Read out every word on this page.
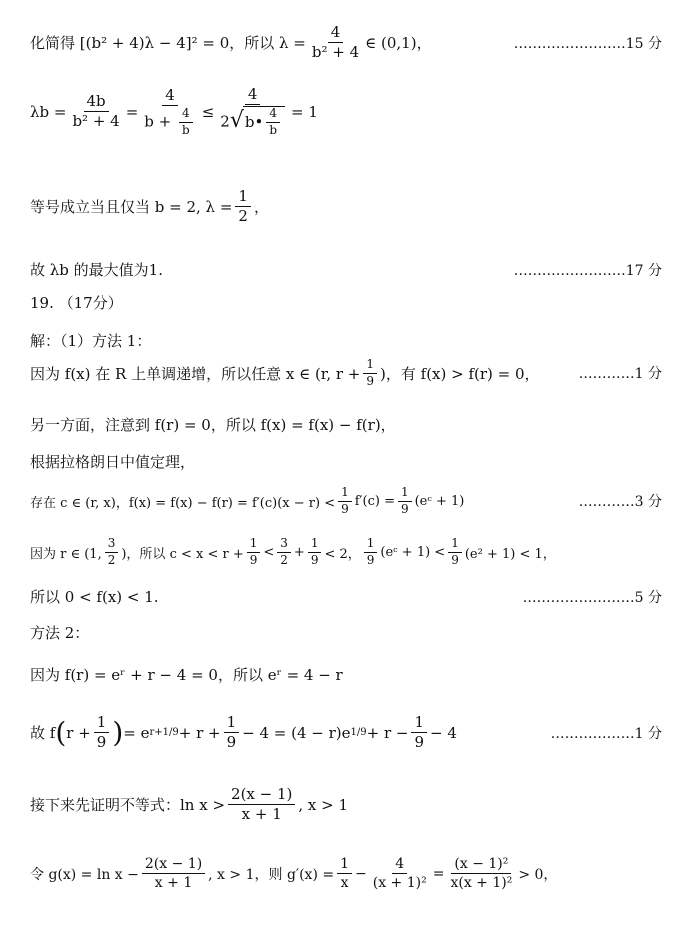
化简得 [(b² + 4)λ − 4]² = 0，所以 $\lambda = \frac{4}{\text{b² + 4}}$ ∈ (0,1)，	……………………15 分
$\lambda b = \frac{4b}{\text{b² + 4}} = \frac{4}{b + \frac{4}{b}} \le \frac{4}{2√ b• \frac{4}{b}} = 1$
等号成立当且仅当 b = 2, $\lambda = \frac{1}{2}$ ，
故 λb 的最大值为1.	……………………17 分
19. （17分）
解：（1）方法 1：
因为 f(x) 在 R 上单调递增，所以任意 x ∈ (r, $r + \frac{1}{9}$ )，有 f(x) > f(r) = 0，	…………1 分
另一方面，注意到 f(r) = 0，所以 f(x) = f(x) − f(r)，
根据拉格朗日中值定理，
存在 c ∈ (r, x)，$f(x) = f(x) - f(r) = f'(c)(x - r) < \frac{1}{9} f'(c) = \frac{1}{9}$ (eᶜ + 1)	…………3 分
因为 r ∈ (1, $\frac{3}{2}$ )，所以 $c < x < r + \frac{1}{9} < \frac{3}{2} + \frac{1}{9} < 2$， $\frac{1}{9}$ (eᶜ + $1) < \frac{1}{9} (e^2 + 1) < 1$，
所以 0 < f(x) < 1.	……………………5 分
方法 2：
因为 f(r) = eʳ + r − 4 = 0，所以 eʳ = 4 − r
故 f ( $r + \frac{1}{9}$ ) = e $r+1/9 + r + \frac{1}{9} - 4 = (4 - r)e$ $1/9 + r - \frac{1}{9} - 4$	………………1 分
接下来先证明不等式：$\ln x > \frac{2(x - 1)}{x + 1}$ , x > 1
令 $g(x) = \ln x - \frac{2(x - 1)}{x + 1}$ , x > 1，则 $g'(x) = \frac{1}{x} - \frac{4}{\text{(x + 1)²}} = \frac{\text{(x − 1)²}}{\text{x(x + 1)²}} > 0$，
